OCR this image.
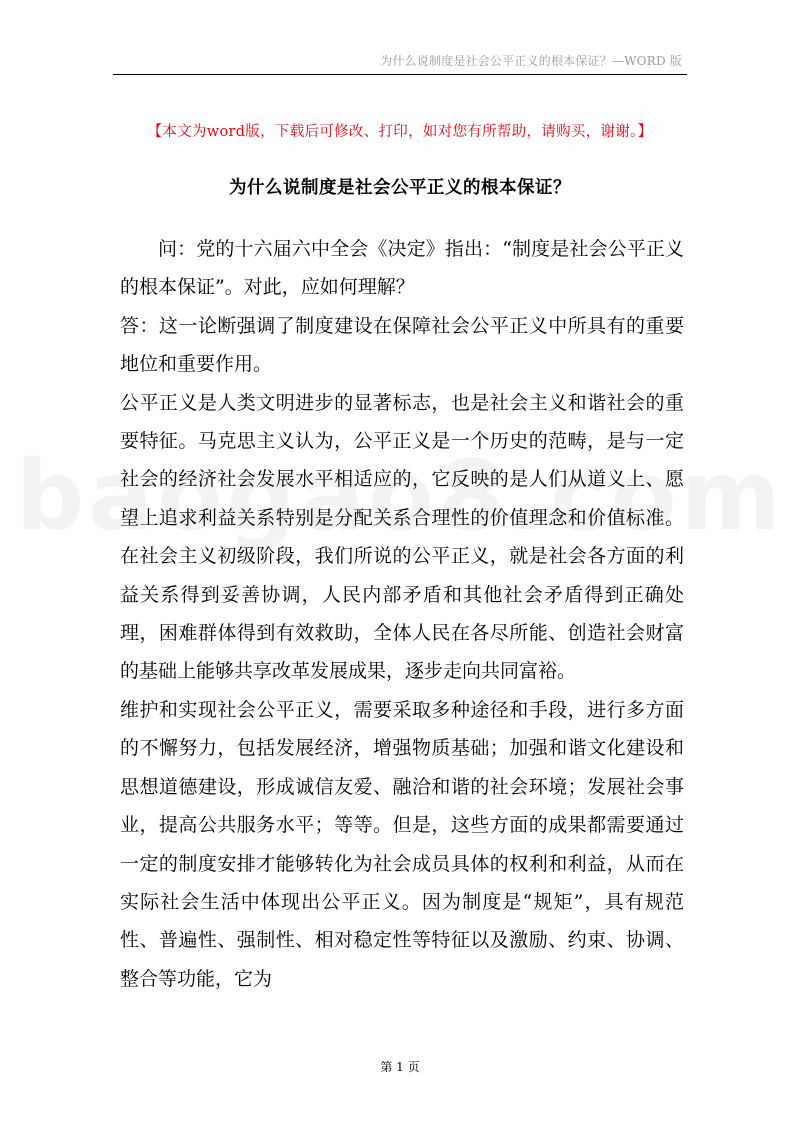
为什么说制度是社会公平正义的根本保证？—WORD 版
【本文为word版，下载后可修改、打印，如对您有所帮助，请购买，谢谢。】
为什么说制度是社会公平正义的根本保证？

问：党的十六届六中全会《决定》指出：“制度是社会公平正义的根本保证”。对此，应如何理解？

答：这一论断强调了制度建设在保障社会公平正义中所具有的重要地位和重要作用。

公平正义是人类文明进步的显著标志，也是社会主义和谐社会的重要特征。马克思主义认为，公平正义是一个历史的范畴，是与一定社会的经济社会发展水平相适应的，它反映的是人们从道义上、愿望上追求利益关系特别是分配关系合理性的价值理念和价值标准。在社会主义初级阶段，我们所说的公平正义，就是社会各方面的利益关系得到妥善协调，人民内部矛盾和其他社会矛盾得到正确处理，困难群体得到有效救助，全体人民在各尽所能、创造社会财富的基础上能够共享改革发展成果，逐步走向共同富裕。

维护和实现社会公平正义，需要采取多种途径和手段，进行多方面的不懈努力，包括发展经济，增强物质基础；加强和谐文化建设和思想道德建设，形成诚信友爱、融洽和谐的社会环境；发展社会事业，提高公共服务水平；等等。但是，这些方面的成果都需要通过一定的制度安排才能够转化为社会成员具体的权利和利益，从而在实际社会生活中体现出公平正义。因为制度是“规矩”，具有规范性、普遍性、强制性、相对稳定性等特征以及激励、约束、协调、整合等功能，它为

第 1 页
